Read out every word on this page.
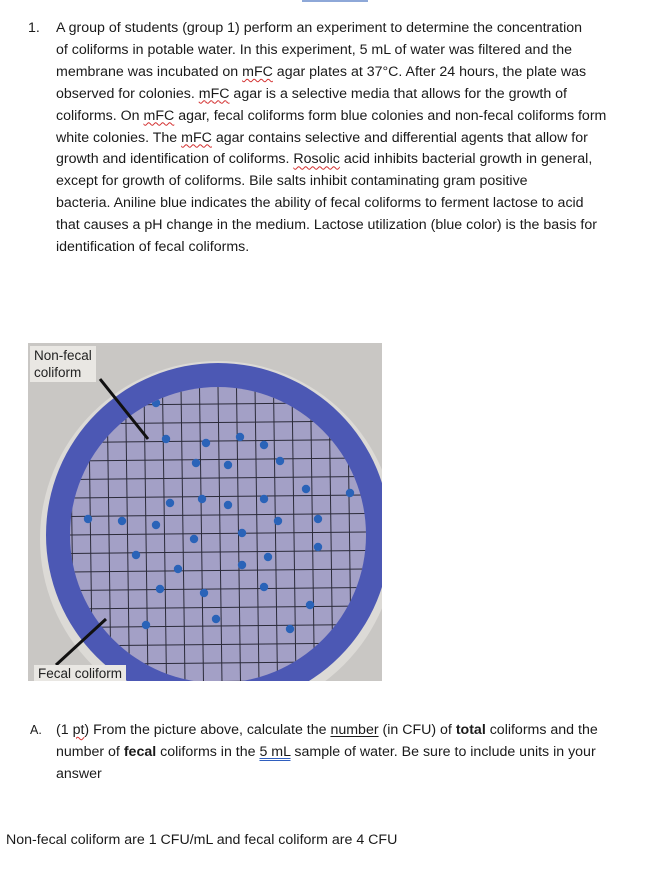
1. A group of students (group 1) perform an experiment to determine the concentration
of coliforms in potable water. In this experiment, 5 mL of water was filtered and the
membrane was incubated on mFC agar plates at 37°C. After 24 hours, the plate was
observed for colonies. mFC agar is a selective media that allows for the growth of
coliforms. On mFC agar, fecal coliforms form blue colonies and non-fecal coliforms form
white colonies. The mFC agar contains selective and differential agents that allow for
growth and identification of coliforms. Rosolic acid inhibits bacterial growth in general,
except for growth of coliforms. Bile salts inhibit contaminating gram positive
bacteria. Aniline blue indicates the ability of fecal coliforms to ferment lactose to acid
that causes a pH change in the medium. Lactose utilization (blue color) is the basis for
identification of fecal coliforms.
Non-fecal
coliform
Fecal coliform
A. (1 pt) From the picture above, calculate the number (in CFU) of total coliforms and the
number of fecal coliforms in the 5 mL sample of water. Be sure to include units in your
answer
Non-fecal coliform are 1 CFU/mL and fecal coliform are 4 CFU
